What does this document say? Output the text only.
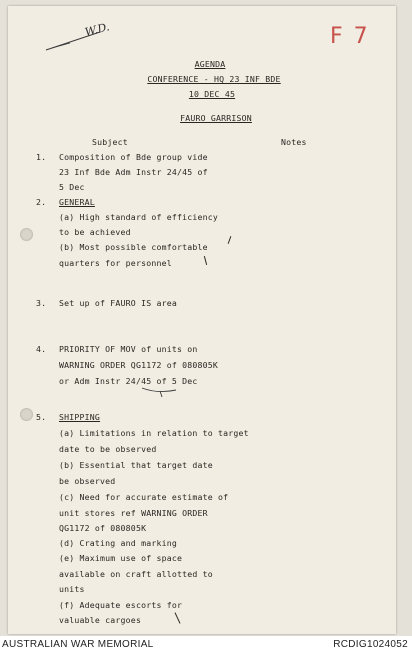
W.D.	F 7
AGENDA
CONFERENCE - HQ 23 INF BDE
10 DEC 45
FAURO GARRISON
Subject	Notes
1. Composition of Bde group vide
23 Inf Bde Adm Instr 24/45 of
5 Dec
2. GENERAL
(a) High standard of efficiency
to be achieved
(b) Most possible comfortable
quarters for personnel
3. Set up of FAURO IS area
4. PRIORITY OF MOV of units on
WARNING ORDER QG1172 of 080805K
or Adm Instr 24/45 of 5 Dec
5. SHIPPING
(a) Limitations in relation to target
date to be observed
(b) Essential that target date
be observed
(c) Need for accurate estimate of
unit stores ref WARNING ORDER
QG1172 of 080805K
(d) Crating and marking
(e) Maximum use of space
available on craft allotted to
units
(f) Adequate escorts for
valuable cargoes
AUSTRALIAN WAR MEMORIAL	RCDIG1024052
